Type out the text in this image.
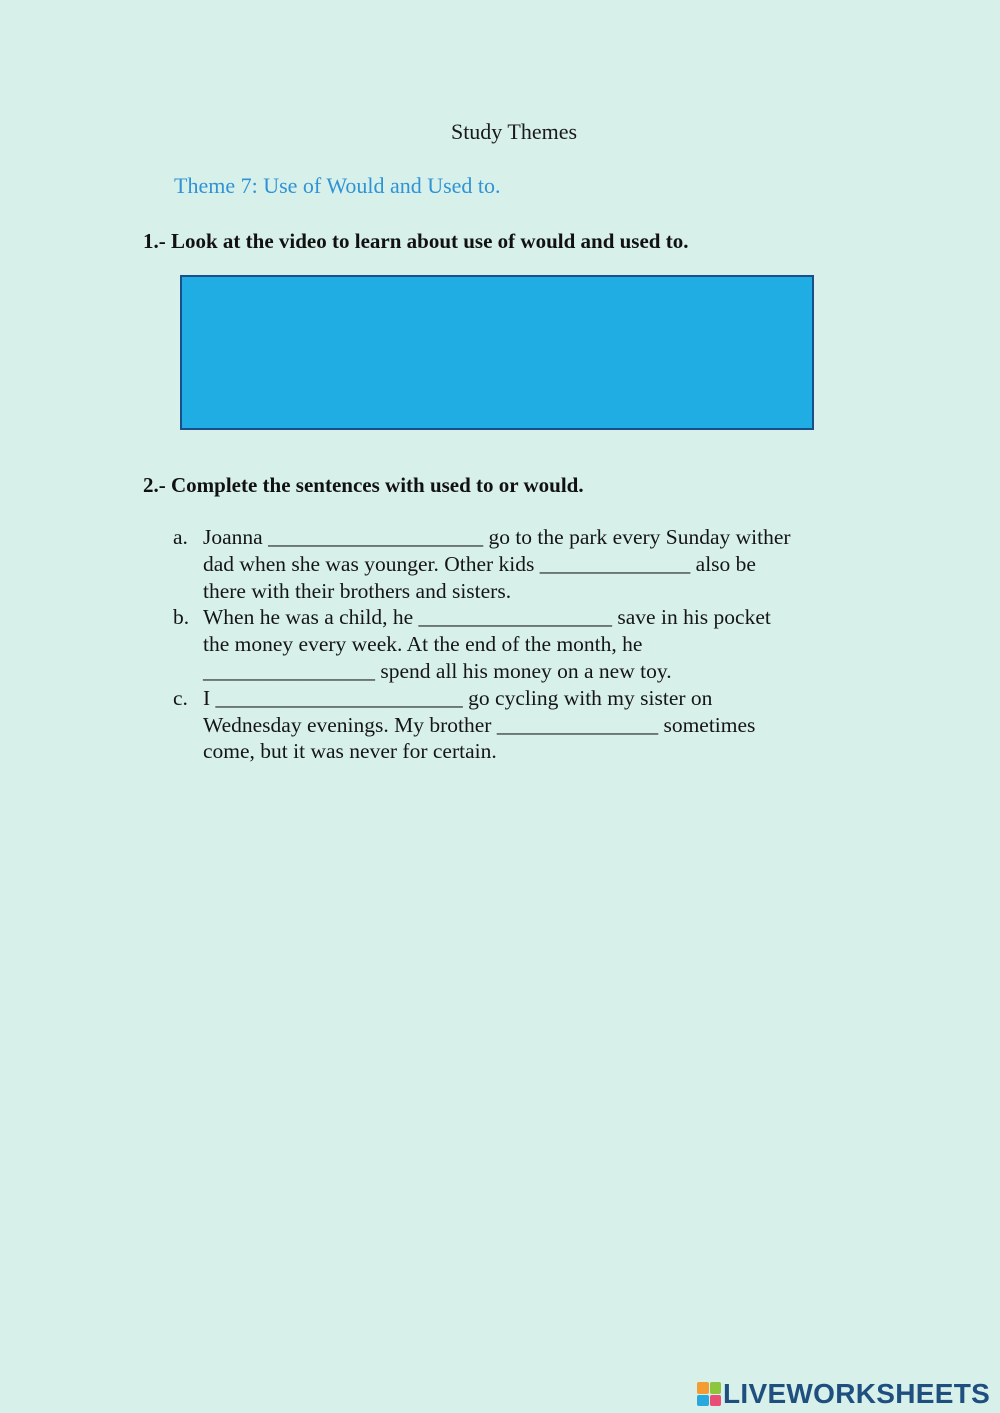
Study Themes
Theme 7: Use of Would and Used to.
1.- Look at the video to learn about use of would and used to.
2.- Complete the sentences with used to or would.
a. Joanna ____________________ go to the park every Sunday wither
dad when she was younger. Other kids ______________ also be
there with their brothers and sisters.
b. When he was a child, he __________________ save in his pocket
the money every week. At the end of the month, he
________________ spend all his money on a new toy.
c. I _______________________ go cycling with my sister on
Wednesday evenings. My brother _______________ sometimes
come, but it was never for certain.
LIVEWORKSHEETS
